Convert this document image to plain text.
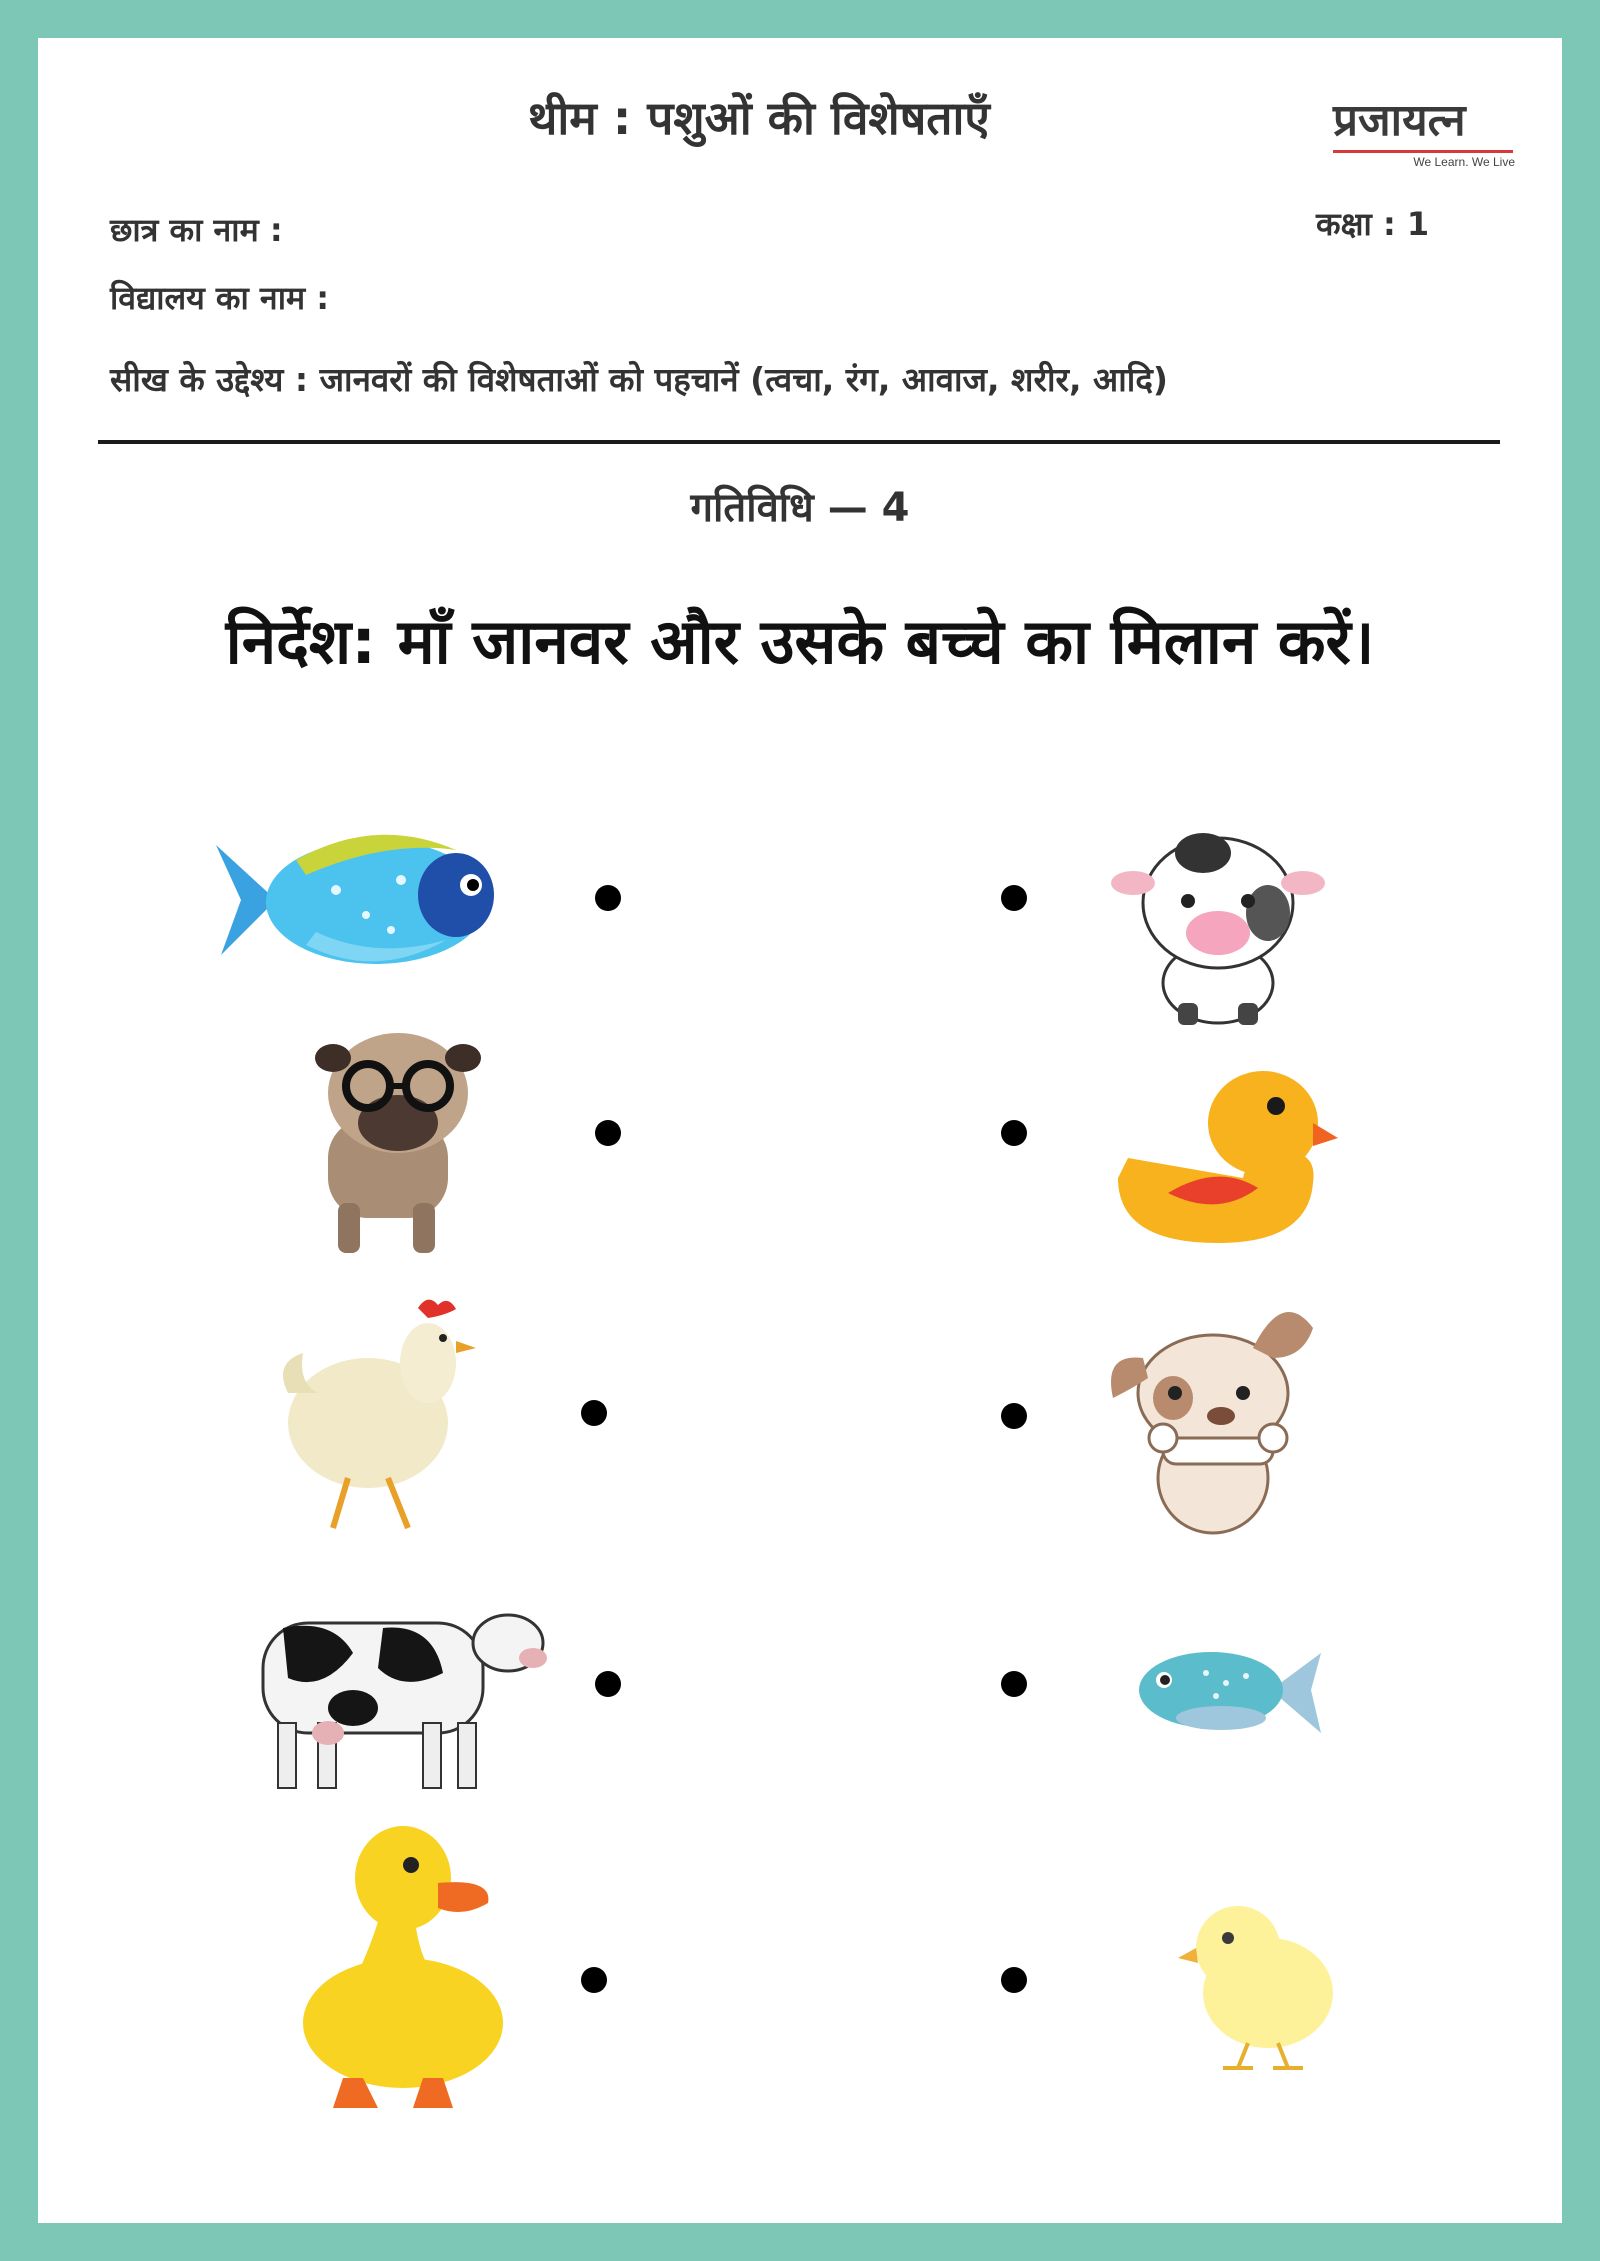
थीम : पशुओं की विशेषताएँ	प्रजायत्न
We Learn. We Live
छात्र का नाम :	कक्षा : 1
विद्यालय का नाम :
सीख के उद्देश्य : जानवरों की विशेषताओं को पहचानें (त्वचा, रंग, आवाज, शरीर, आदि)
गतिविधि — 4
निर्देश: माँ जानवर और उसके बच्चे का मिलान करें।
